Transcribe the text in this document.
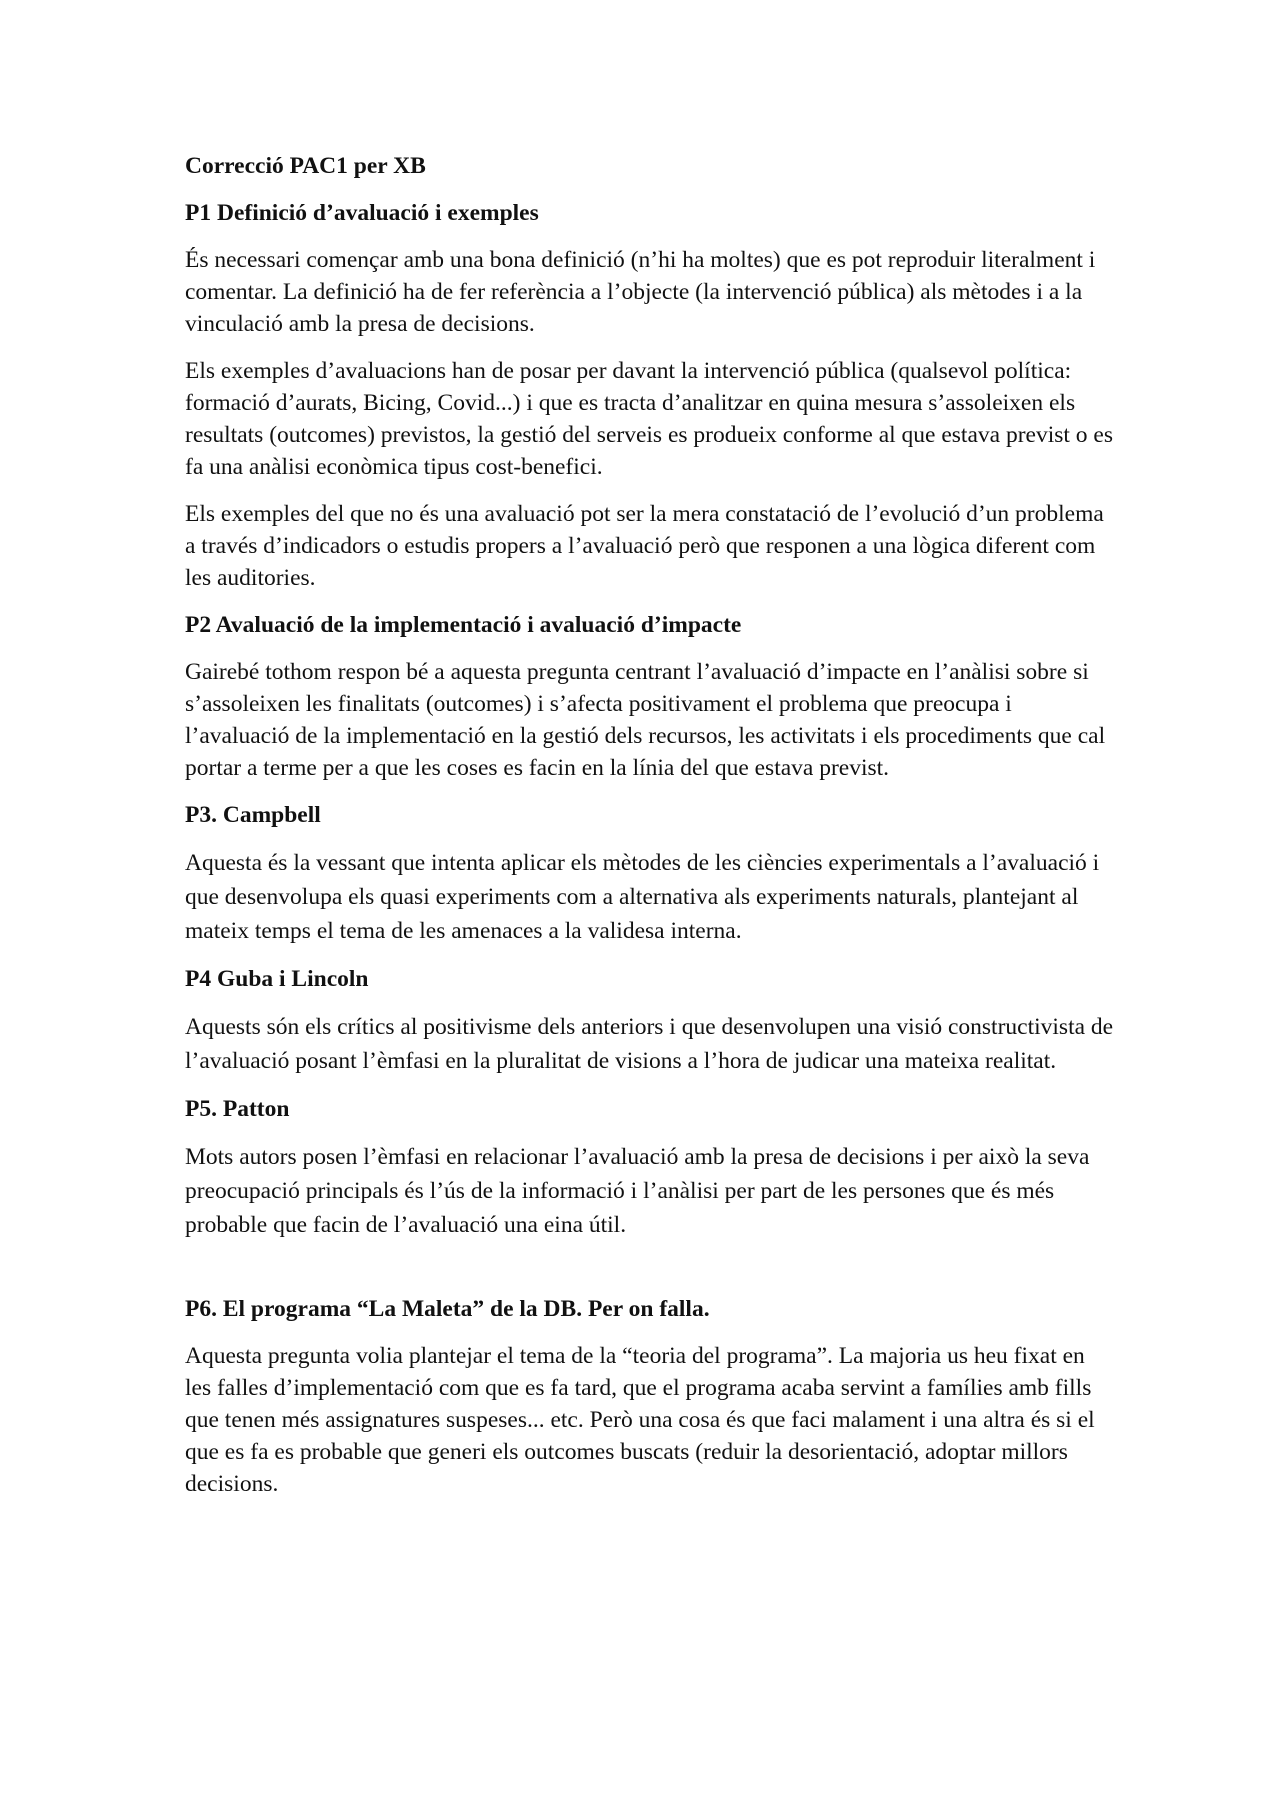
Correcció PAC1 per XB
P1 Definició d’avaluació i exemples
És necessari començar amb una bona definició (n’hi ha moltes) que es pot reproduir literalment i comentar. La definició ha de fer referència a l’objecte (la intervenció pública) als mètodes i a la vinculació amb la presa de decisions.
Els exemples d’avaluacions han de posar per davant la intervenció pública (qualsevol política: formació d’aurats, Bicing, Covid...) i que es tracta d’analitzar en quina mesura s’assoleixen els resultats (outcomes) previstos, la gestió del serveis es produeix conforme al que estava previst o es fa una anàlisi econòmica tipus cost-benefici.
Els exemples del que no és una avaluació pot ser la mera constatació de l’evolució d’un problema a través d’indicadors o estudis propers a l’avaluació però que responen a una lògica diferent com les auditories.
P2 Avaluació de la implementació i avaluació d’impacte
Gairebé tothom respon bé a aquesta pregunta centrant l’avaluació d’impacte en l’anàlisi sobre si s’assoleixen les finalitats (outcomes) i s’afecta positivament el problema que preocupa i l’avaluació de la implementació en la gestió dels recursos, les activitats i els procediments que cal portar a terme per a que les coses es facin en la línia del que estava previst.
P3. Campbell
Aquesta és la vessant que intenta aplicar els mètodes de les ciències experimentals a l’avaluació i que desenvolupa els quasi experiments com a alternativa als experiments naturals, plantejant al mateix temps el tema de les amenaces a la validesa interna.
P4 Guba i Lincoln
Aquests són els crítics al positivisme dels anteriors i que desenvolupen una visió constructivista de l’avaluació posant l’èmfasi en la pluralitat de visions a l’hora de judicar una mateixa realitat.
P5. Patton
Mots autors posen l’èmfasi en relacionar l’avaluació amb la presa de decisions i per això la seva preocupació principals és l’ús de la informació i l’anàlisi per part de les persones que és més probable que facin de l’avaluació una eina útil.
P6. El programa “La Maleta” de la DB. Per on falla.
Aquesta pregunta volia plantejar el tema de la “teoria del programa”. La majoria us heu fixat en les falles d’implementació com que es fa tard, que el programa acaba servint a famílies amb fills que tenen més assignatures suspeses... etc. Però una cosa és que faci malament i una altra és si el que es fa es probable que generi els outcomes buscats (reduir la desorientació, adoptar millors decisions.
